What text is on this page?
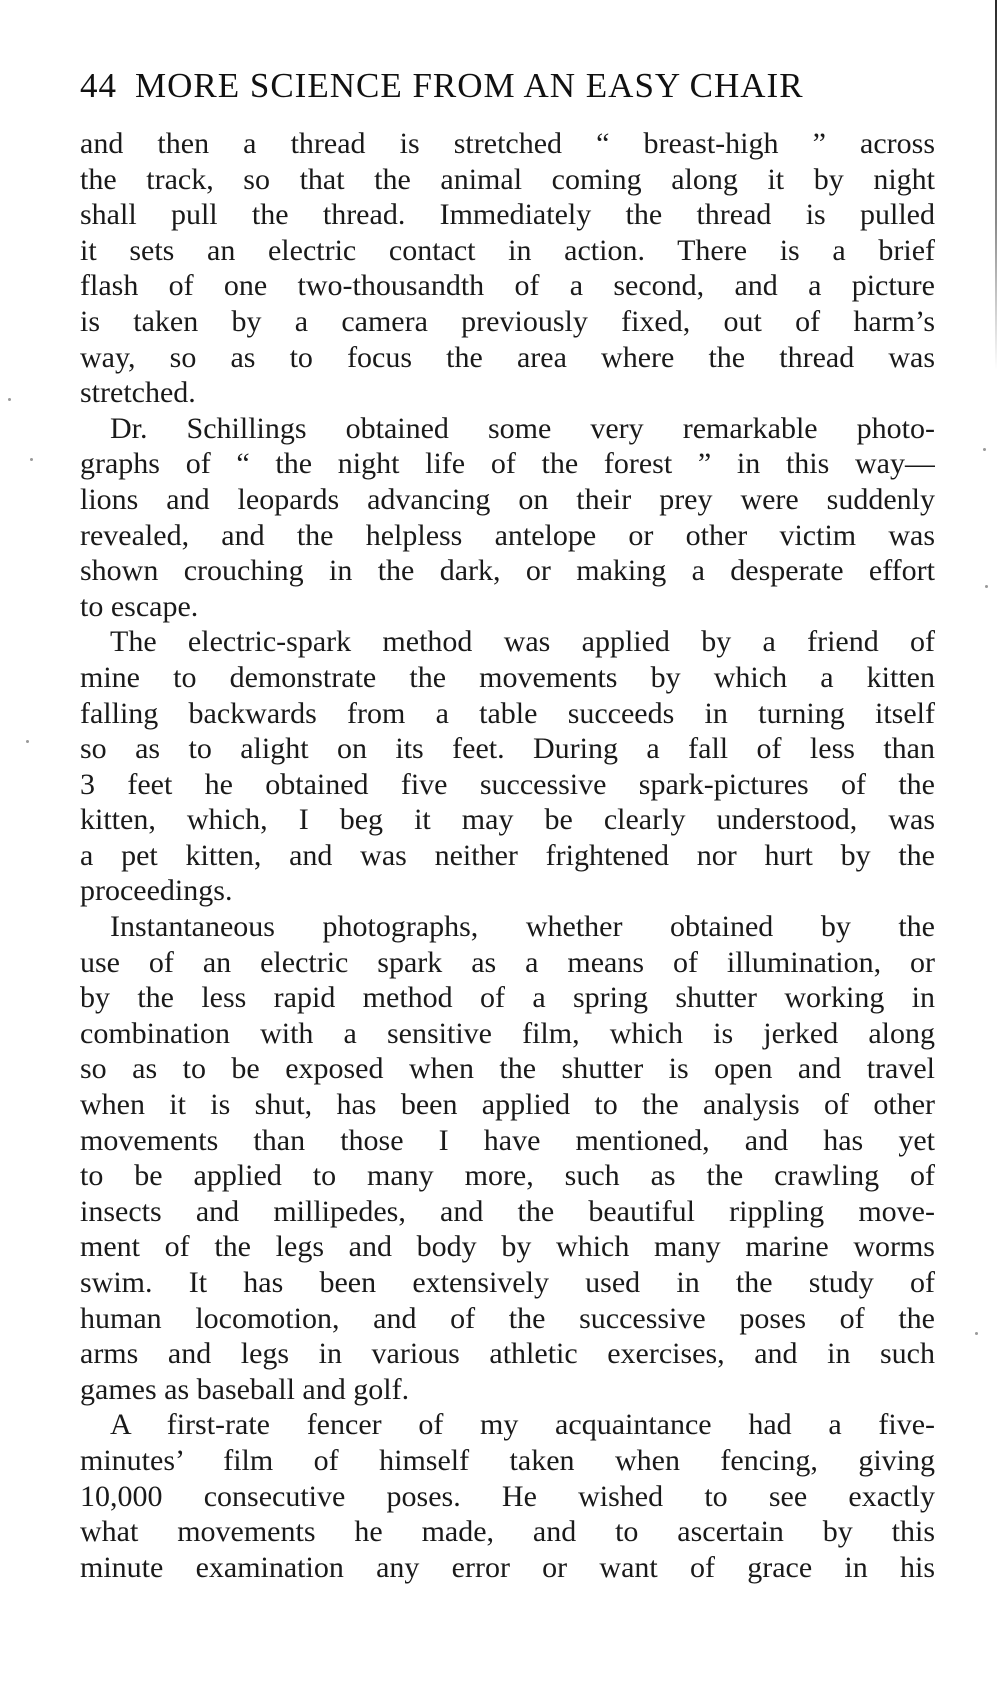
44 MORE SCIENCE FROM AN EASY CHAIR
and then a thread is stretched “ breast-high ” across
the track, so that the animal coming along it by night
shall pull the thread. Immediately the thread is pulled
it sets an electric contact in action. There is a brief
flash of one two-thousandth of a second, and a picture
is taken by a camera previously fixed, out of harm’s
way, so as to focus the area where the thread was
stretched.
Dr. Schillings obtained some very remarkable photo-
graphs of “ the night life of the forest ” in this way—
lions and leopards advancing on their prey were suddenly
revealed, and the helpless antelope or other victim was
shown crouching in the dark, or making a desperate effort
to escape.
The electric-spark method was applied by a friend of
mine to demonstrate the movements by which a kitten
falling backwards from a table succeeds in turning itself
so as to alight on its feet. During a fall of less than
3 feet he obtained five successive spark-pictures of the
kitten, which, I beg it may be clearly understood, was
a pet kitten, and was neither frightened nor hurt by the
proceedings.
Instantaneous photographs, whether obtained by the
use of an electric spark as a means of illumination, or
by the less rapid method of a spring shutter working in
combination with a sensitive film, which is jerked along
so as to be exposed when the shutter is open and travel
when it is shut, has been applied to the analysis of other
movements than those I have mentioned, and has yet
to be applied to many more, such as the crawling of
insects and millipedes, and the beautiful rippling move-
ment of the legs and body by which many marine worms
swim. It has been extensively used in the study of
human locomotion, and of the successive poses of the
arms and legs in various athletic exercises, and in such
games as baseball and golf.
A first-rate fencer of my acquaintance had a five-
minutes’ film of himself taken when fencing, giving
10,000 consecutive poses. He wished to see exactly
what movements he made, and to ascertain by this
minute examination any error or want of grace in his
